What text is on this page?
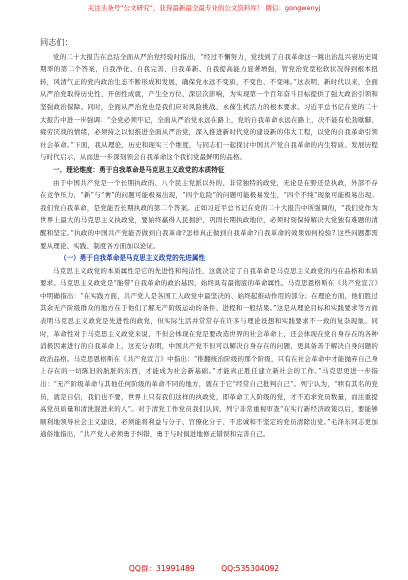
关注头条号“公文研究”，获得最新最全最专业的公文资料库！ 微信：gongwenyj
同志们：

党的二十大报告在总结全面从严治党经验时指出，“经过不懈努力，党找到了自我革命这一跳出治乱兴衰历史周期率的第二个答案，自我净化、自我完善、自我革新、自我提高能力显著增强，管党治党宽松软状况得到根本扭转，风清气正的党内政治生态不断形成和发展，确保党永远不变质、不变色、不变味。”这表明，新时代以来，全面从严治党取得历史性、开创性成就，产生全方位、深层次影响，为实现第一个百年奋斗目标提供了强大政治引领和坚强政治保障。同时，全面从严治党也是我们应对风险挑战、永葆生机活力的根本要求。习近平总书记在党的二十大报告中进一步强调：“全党必须牢记，全面从严治党永远在路上，党的自我革命永远在路上，决不能有松劲歇脚、疲劳厌战的情绪，必须持之以恒推进全面从严治党，深入推进新时代党的建设新的伟大工程，以党的自我革命引领社会革命。”下面，我从理论、历史和现实三个维度，与同志们一起探讨中国共产党自我革命的内生特质、发展历程与时代启示，从而进一步深刻领会自我革命这个我们党最鲜明的品格。

一、理论维度：勇于自我革命是马克思主义政党的本质特征

由于中国共产党是一个长期执政的、八个民主党派以外的、非常独特的政党，无论是在野还是执政，外部不存在竞争压力，“新”与“奢”的问题可能极易出现，“四个危险”的问题可能极易发生，“四个不纯”现象可能极易出现。我们党自我革命，是党能否长期执政的第二个答案。正如习近平总书记在党的二十大报告中所强调的，“我们党作为世界上最大的马克思主义执政党，要始终赢得人民拥护、巩固长期执政地位，必须时刻保持解决大党独有难题的清醒和坚定。”执政的中国共产党能否做到自我革命?怎样真正做到自我革命?自我革命的效果如何检验? 这些问题都需要从理论、实践、制度各方面加以论证。

（一）勇于自我革命是马克思主义政党的先进属性

马克思主义政党的本质属性是它的先进性和纯洁性，这就决定了自我革命是马克思主义政党的内在品格和本质要求。马克思主义政党是“胎带”自我革命的政治基因，始终具有最彻底的革命属性。马克思恩格斯在《共产党宣言》中明确指出：“在实践方面，共产党人是各国工人政党中最坚决的、始终起推动作用的部分；在理论方面，他们胜过其余无产阶级群众的地方在于他们了解无产阶级运动的条件、进程和一般结果。”这是从理论目标和实践要求等方面表明马克思主义政党是先进性的政党，但实际生活并常常存在许多与理论设想和实践要求不一致的复杂现象。同时，革命性对于马克思主义政党来说，不但会体现在党是要改造世界的社会革命上，还会体现在党自身存在的各种消极因素进行的自我革命上，这充分表明，中国共产党不但可以解决自身存在的问题，更具备善于解决自身问题的政治品格。马克思恩格斯在《共产党宣言》中指出：“推翻统治阶级的那个阶级，只有在社会革命中才能抛弃自己身上存在的一切陈旧的肮脏的东西，才能成为社会新基础。”才能真正胜任建立新社会的工作。”马克思更进一步指出：“无产阶级革命与其他任何阶级的革命不同的地方，就在于它“经常自己批判自己”。列宁认为，“犊有其名的党员，就是自信，我们也不要，世界上只有我们这样的执政党，即革命工人阶级的党，才不追求党员数量，而注重提高党员质量和清洗混进来的人”。对于清党工作党员我们认同，列宁非常重视审查“在实行新经济政策以后，要能够顺利地领导社会主义建设，必须能将利益与分子、官僚化分子、不忠诚和不坚定的党员清除出党。”毛泽东同志更加通俗地指出，“共产党人必须勇于纠错，勇于与时俱进地修正错误和完善自己。

QQ群：31991489	QQ:535304092
